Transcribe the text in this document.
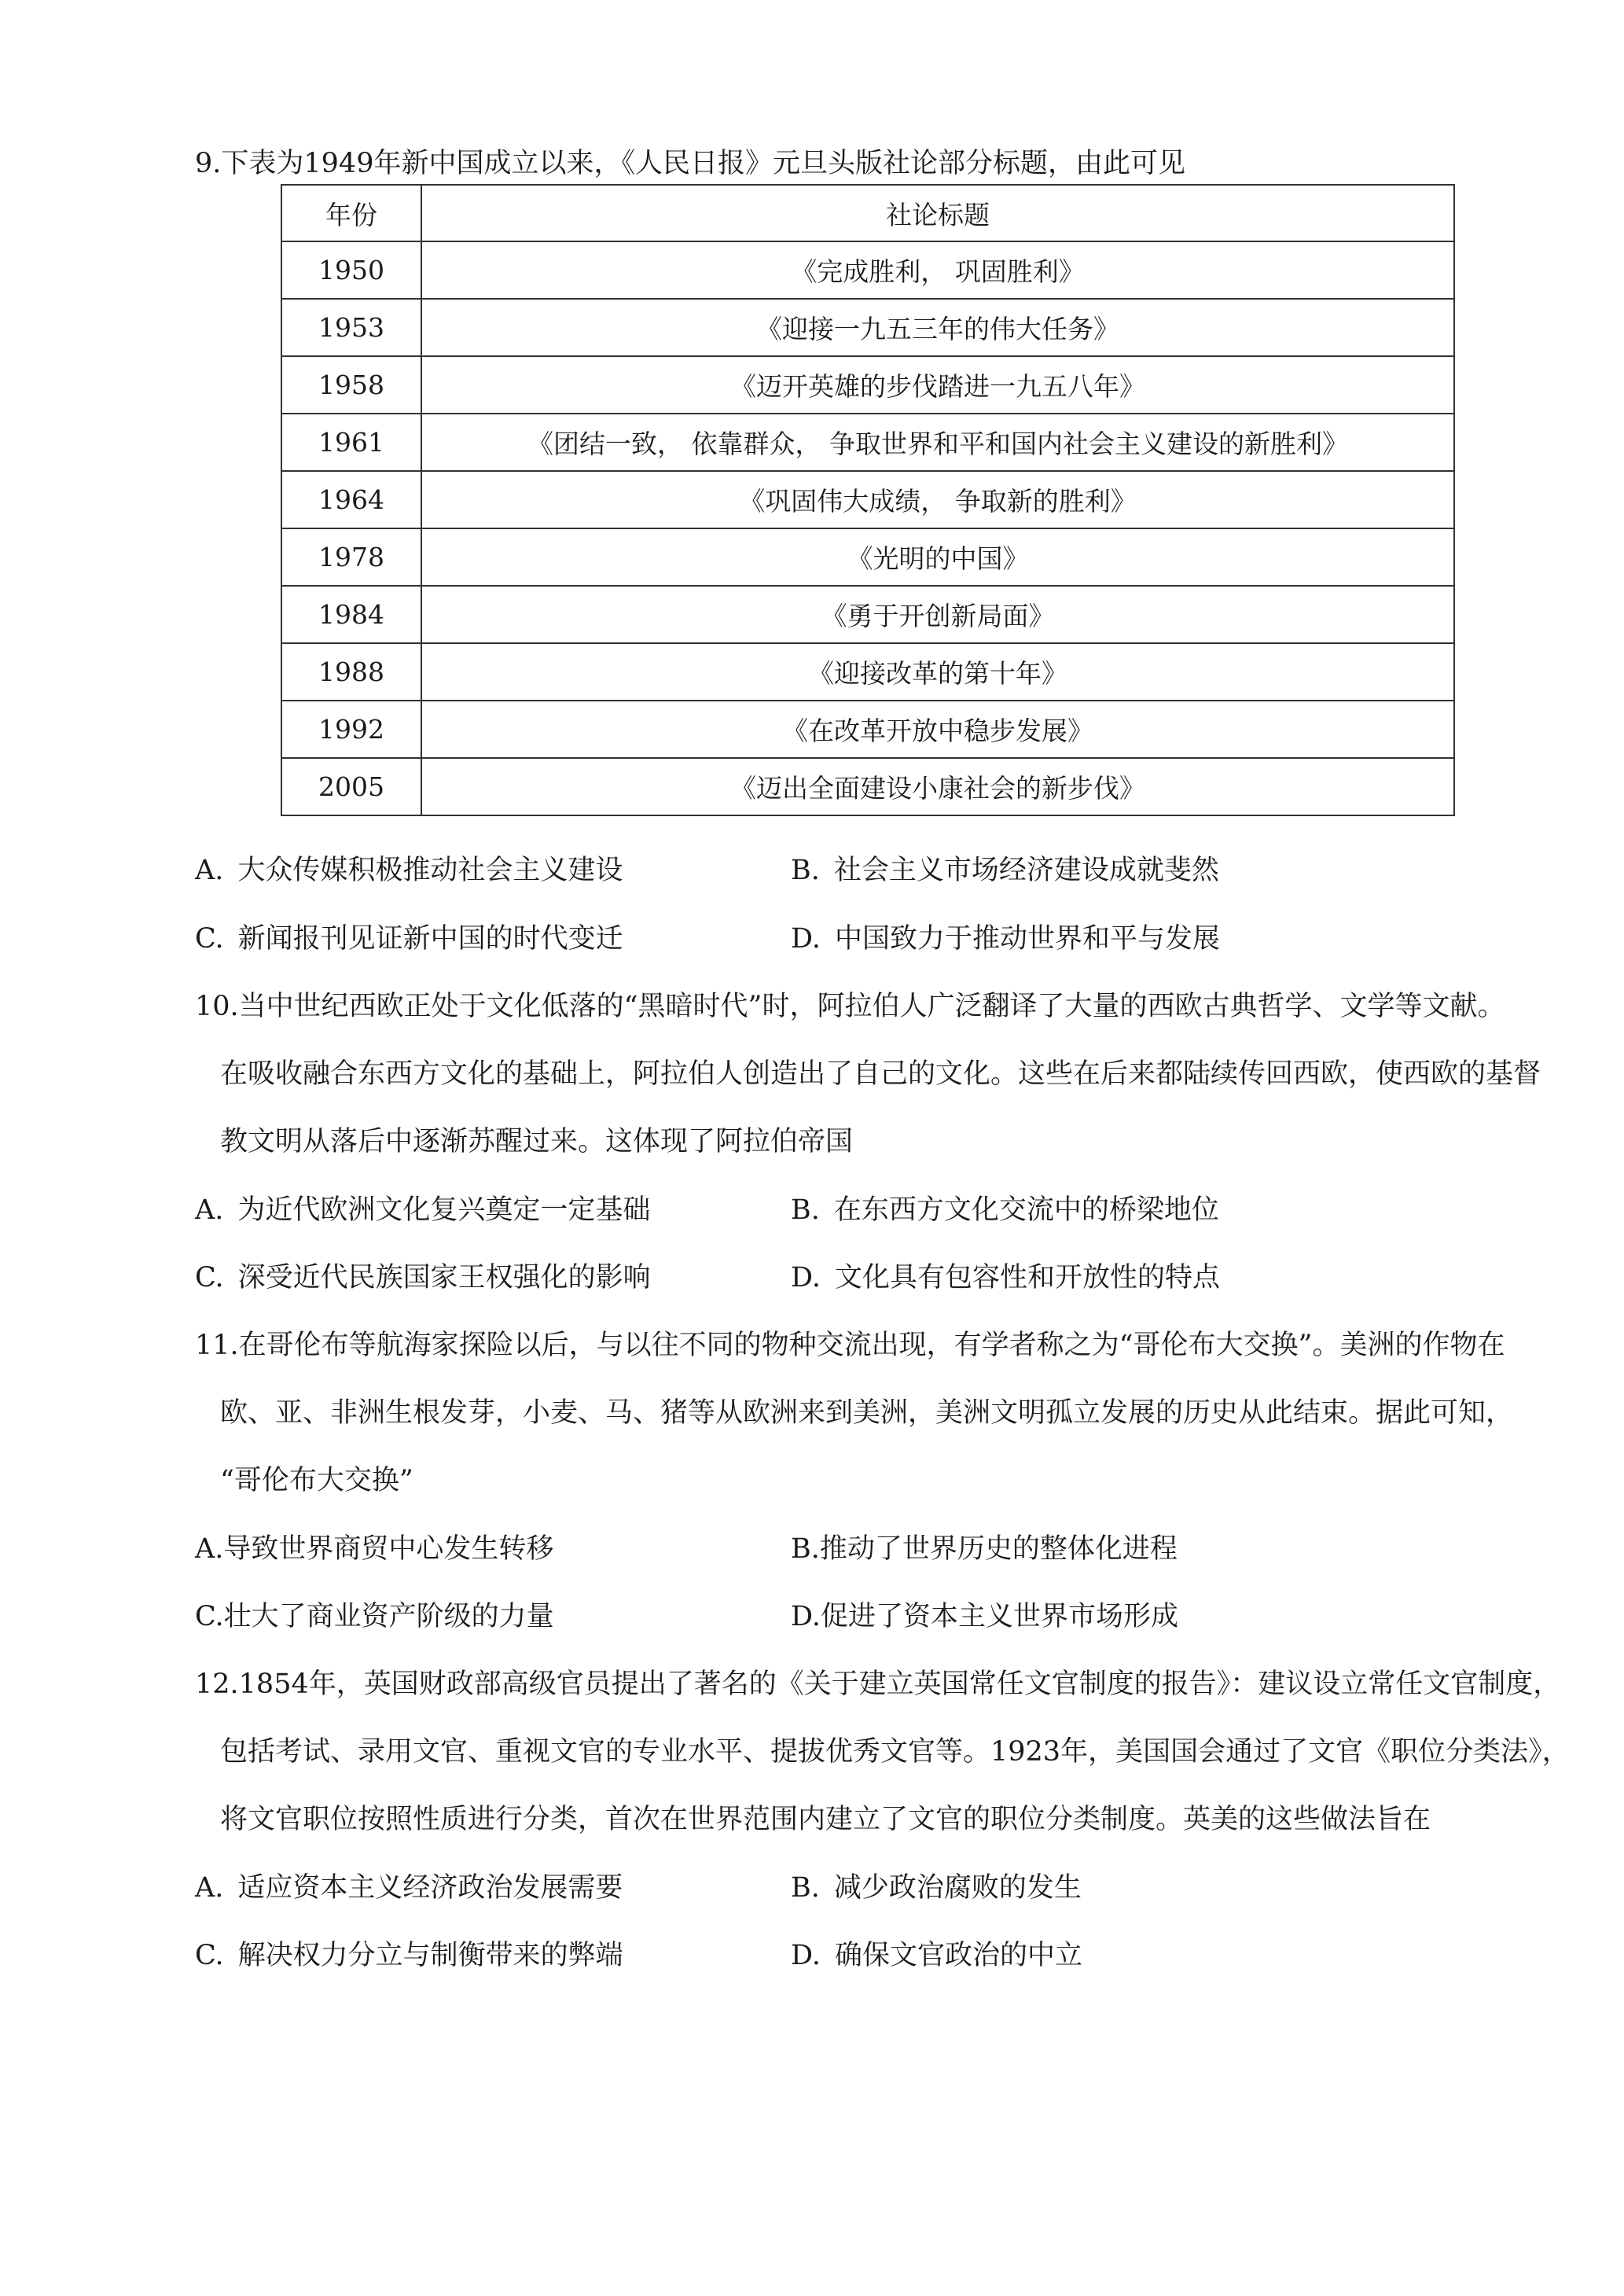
9.下表为1949年新中国成立以来，《人民日报》元旦头版社论部分标题，由此可见
年份	社论标题
1950	《完成胜利， 巩固胜利》
1953	《迎接一九五三年的伟大任务》
1958	《迈开英雄的步伐踏进一九五八年》
1961	《团结一致， 依靠群众， 争取世界和平和国内社会主义建设的新胜利》
1964	《巩固伟大成绩， 争取新的胜利》
1978	《光明的中国》
1984	《勇于开创新局面》
1988	《迎接改革的第十年》
1992	《在改革开放中稳步发展》
2005	《迈出全面建设小康社会的新步伐》
A. 大众传媒积极推动社会主义建设	B. 社会主义市场经济建设成就斐然
C. 新闻报刊见证新中国的时代变迁	D. 中国致力于推动世界和平与发展
10.当中世纪西欧正处于文化低落的“黑暗时代”时，阿拉伯人广泛翻译了大量的西欧古典哲学、文学等文献。
在吸收融合东西方文化的基础上，阿拉伯人创造出了自己的文化。这些在后来都陆续传回西欧，使西欧的基督
教文明从落后中逐渐苏醒过来。这体现了阿拉伯帝国
A. 为近代欧洲文化复兴奠定一定基础	B. 在东西方文化交流中的桥梁地位
C. 深受近代民族国家王权强化的影响	D. 文化具有包容性和开放性的特点
11.在哥伦布等航海家探险以后，与以往不同的物种交流出现，有学者称之为“哥伦布大交换”。美洲的作物在
欧、亚、非洲生根发芽，小麦、马、猪等从欧洲来到美洲，美洲文明孤立发展的历史从此结束。据此可知，
“哥伦布大交换”
A.导致世界商贸中心发生转移	B.推动了世界历史的整体化进程
C.壮大了商业资产阶级的力量	D.促进了资本主义世界市场形成
12.1854年，英国财政部高级官员提出了著名的《关于建立英国常任文官制度的报告》：建议设立常任文官制度，
包括考试、录用文官、重视文官的专业水平、提拔优秀文官等。1923年，美国国会通过了文官《职位分类法》，
将文官职位按照性质进行分类，首次在世界范围内建立了文官的职位分类制度。英美的这些做法旨在
A. 适应资本主义经济政治发展需要	B. 减少政治腐败的发生
C. 解决权力分立与制衡带来的弊端	D. 确保文官政治的中立
